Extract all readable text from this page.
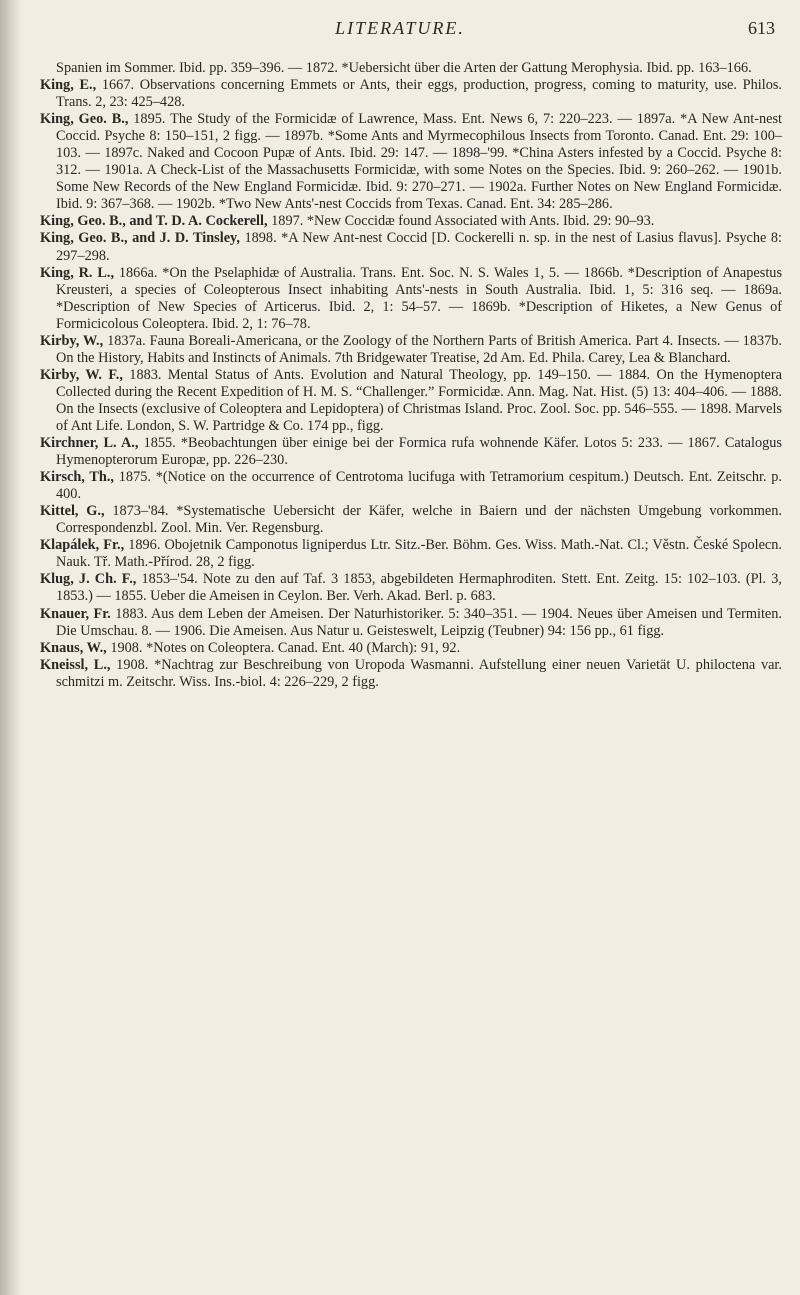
LITERATURE.	613

Spanien im Sommer. Ibid. pp. 359–396. — 1872. *Uebersicht über die Arten der Gattung Merophysia. Ibid. pp. 163–166.

King, E., 1667. Observations concerning Emmets or Ants, their eggs, production, progress, coming to maturity, use. Philos. Trans. 2, 23: 425–428.

King, Geo. B., 1895. The Study of the Formicidæ of Lawrence, Mass. Ent. News 6, 7: 220–223. — 1897a. *A New Ant-nest Coccid. Psyche 8: 150–151, 2 figg. — 1897b. *Some Ants and Myrmecophilous Insects from Toronto. Canad. Ent. 29: 100–103. — 1897c. Naked and Cocoon Pupæ of Ants. Ibid. 29: 147. — 1898–'99. *China Asters infested by a Coccid. Psyche 8: 312. — 1901a. A Check-List of the Massachusetts Formicidæ, with some Notes on the Species. Ibid. 9: 260–262. — 1901b. Some New Records of the New England Formicidæ. Ibid. 9: 270–271. — 1902a. Further Notes on New England Formicidæ. Ibid. 9: 367–368. — 1902b. *Two New Ants'-nest Coccids from Texas. Canad. Ent. 34: 285–286.

King, Geo. B., and T. D. A. Cockerell, 1897. *New Coccidæ found Associated with Ants. Ibid. 29: 90–93.

King, Geo. B., and J. D. Tinsley, 1898. *A New Ant-nest Coccid [D. Cockerelli n. sp. in the nest of Lasius flavus]. Psyche 8: 297–298.

King, R. L., 1866a. *On the Pselaphidæ of Australia. Trans. Ent. Soc. N. S. Wales 1, 5. — 1866b. *Description of Anapestus Kreusteri, a species of Coleopterous Insect inhabiting Ants'-nests in South Australia. Ibid. 1, 5: 316 seq. — 1869a. *Description of New Species of Articerus. Ibid. 2, 1: 54–57. — 1869b. *Description of Hiketes, a New Genus of Formicicolous Coleoptera. Ibid. 2, 1: 76–78.

Kirby, W., 1837a. Fauna Boreali-Americana, or the Zoology of the Northern Parts of British America. Part 4. Insects. — 1837b. On the History, Habits and Instincts of Animals. 7th Bridgewater Treatise, 2d Am. Ed. Phila. Carey, Lea & Blanchard.

Kirby, W. F., 1883. Mental Status of Ants. Evolution and Natural Theology, pp. 149–150. — 1884. On the Hymenoptera Collected during the Recent Expedition of H. M. S. “Challenger.” Formicidæ. Ann. Mag. Nat. Hist. (5) 13: 404–406. — 1888. On the Insects (exclusive of Coleoptera and Lepidoptera) of Christmas Island. Proc. Zool. Soc. pp. 546–555. — 1898. Marvels of Ant Life. London, S. W. Partridge & Co. 174 pp., figg.

Kirchner, L. A., 1855. *Beobachtungen über einige bei der Formica rufa wohnende Käfer. Lotos 5: 233. — 1867. Catalogus Hymenopterorum Europæ, pp. 226–230.

Kirsch, Th., 1875. *(Notice on the occurrence of Centrotoma lucifuga with Tetramorium cespitum.) Deutsch. Ent. Zeitschr. p. 400.

Kittel, G., 1873–'84. *Systematische Uebersicht der Käfer, welche in Baiern und der nächsten Umgebung vorkommen. Correspondenzbl. Zool. Min. Ver. Regensburg.

Klapálek, Fr., 1896. Obojetnik Camponotus ligniperdus Ltr. Sitz.-Ber. Böhm. Ges. Wiss. Math.-Nat. Cl.; Věstn. České Spolecn. Nauk. Tř. Math.-Přírod. 28, 2 figg.

Klug, J. Ch. F., 1853–'54. Note zu den auf Taf. 3 1853, abgebildeten Hermaphroditen. Stett. Ent. Zeitg. 15: 102–103. (Pl. 3, 1853.) — 1855. Ueber die Ameisen in Ceylon. Ber. Verh. Akad. Berl. p. 683.

Knauer, Fr. 1883. Aus dem Leben der Ameisen. Der Naturhistoriker. 5: 340–351. — 1904. Neues über Ameisen und Termiten. Die Umschau. 8. — 1906. Die Ameisen. Aus Natur u. Geisteswelt, Leipzig (Teubner) 94: 156 pp., 61 figg.

Knaus, W., 1908. *Notes on Coleoptera. Canad. Ent. 40 (March): 91, 92.

Kneissl, L., 1908. *Nachtrag zur Beschreibung von Uropoda Wasmanni. Aufstellung einer neuen Varietät U. philoctena var. schmitzi m. Zeitschr. Wiss. Ins.-biol. 4: 226–229, 2 figg.
